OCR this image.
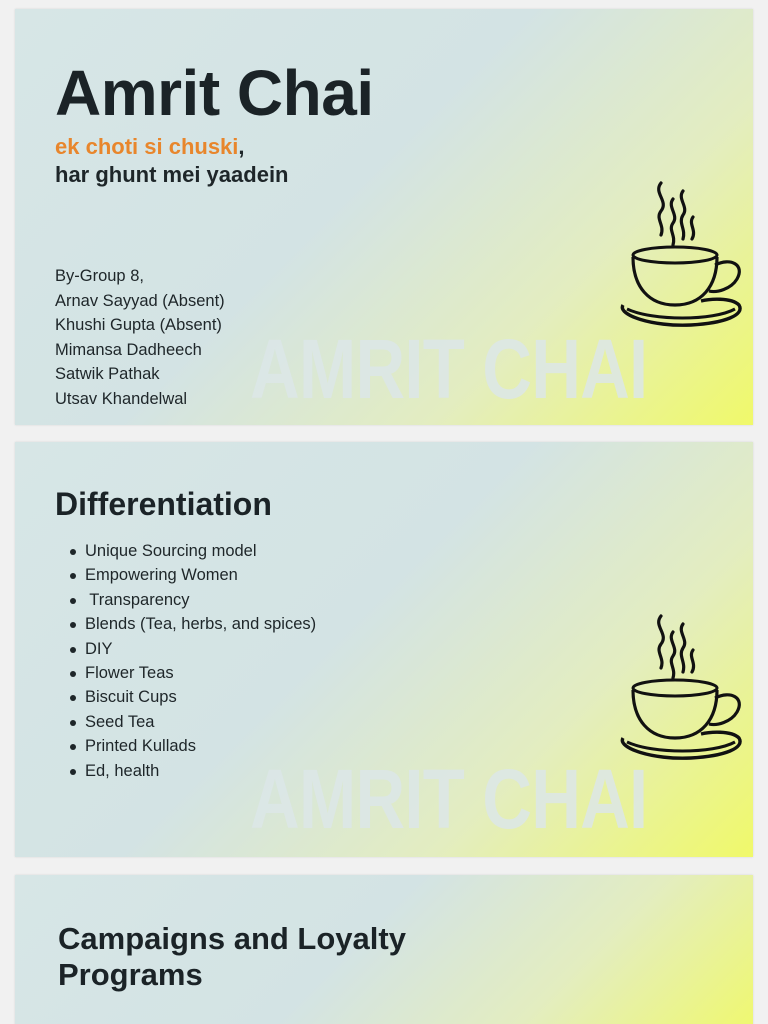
AMRIT CHAI
Amrit Chai
ek choti si chuski,
har ghunt mei yaadein
By-Group 8,
Arnav Sayyad (Absent)
Khushi Gupta (Absent)
Mimansa Dadheech
Satwik Pathak
Utsav Khandelwal
AMRIT CHAI
Differentiation
Unique Sourcing model
Empowering Women
Transparency
Blends (Tea, herbs, and spices)
DIY
Flower Teas
Biscuit Cups
Seed Tea
Printed Kullads
Ed, health
Campaigns and Loyalty Programs
